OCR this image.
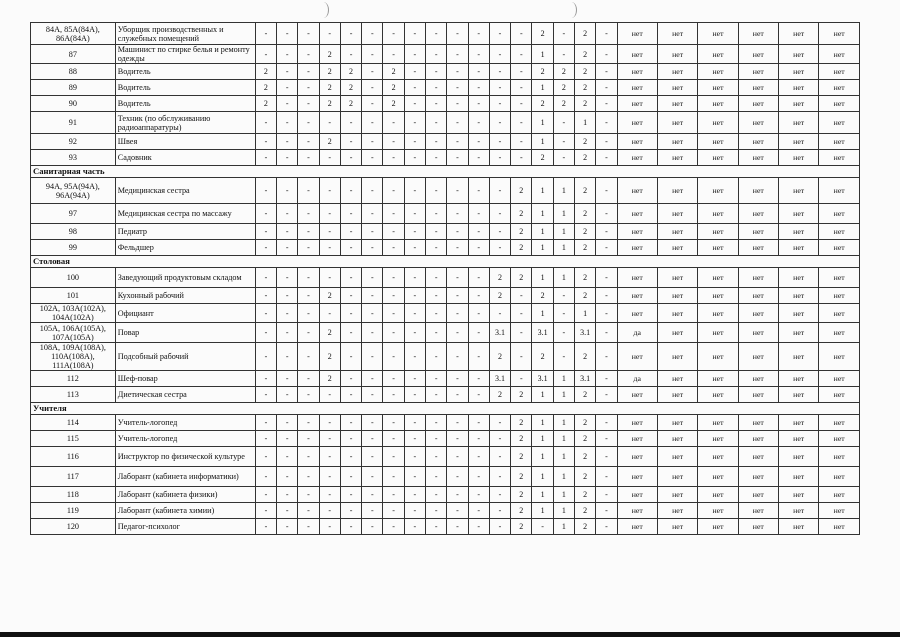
84А, 85А(84А), 86А(84А)	Уборщик производственных и служебных помещений	-	-	-	-	-	-	-	-	-	-	-	-	-	2	-	2	-	нет	нет	нет	нет	нет	нет
87	Машинист по стирке белья и ремонту одежды	-	-	-	2	-	-	-	-	-	-	-	-	-	1	-	2	-	нет	нет	нет	нет	нет	нет
88	Водитель	2	-	-	2	2	-	2	-	-	-	-	-	-	2	2	2	-	нет	нет	нет	нет	нет	нет
89	Водитель	2	-	-	2	2	-	2	-	-	-	-	-	-	1	2	2	-	нет	нет	нет	нет	нет	нет
90	Водитель	2	-	-	2	2	-	2	-	-	-	-	-	-	2	2	2	-	нет	нет	нет	нет	нет	нет
91	Техник (по обслуживанию радиоаппаратуры)	-	-	-	-	-	-	-	-	-	-	-	-	-	1	-	1	-	нет	нет	нет	нет	нет	нет
92	Швея	-	-	-	2	-	-	-	-	-	-	-	-	-	1	-	2	-	нет	нет	нет	нет	нет	нет
93	Садовник	-	-	-	-	-	-	-	-	-	-	-	-	-	2	-	2	-	нет	нет	нет	нет	нет	нет
Санитарная часть																								
94А, 95А(94А), 96А(94А)	Медицинская сестра	-	-	-	-	-	-	-	-	-	-	-	-	2	1	1	2	-	нет	нет	нет	нет	нет	нет
97	Медицинская сестра по массажу	-	-	-	-	-	-	-	-	-	-	-	-	2	1	1	2	-	нет	нет	нет	нет	нет	нет
98	Педиатр	-	-	-	-	-	-	-	-	-	-	-	-	2	1	1	2	-	нет	нет	нет	нет	нет	нет
99	Фельдшер	-	-	-	-	-	-	-	-	-	-	-	-	2	1	1	2	-	нет	нет	нет	нет	нет	нет
Столовая																								
100	Заведующий продуктовым складом	-	-	-	-	-	-	-	-	-	-	-	2	2	1	1	2	-	нет	нет	нет	нет	нет	нет
101	Кухонный рабочий	-	-	-	2	-	-	-	-	-	-	-	2	-	2	-	2	-	нет	нет	нет	нет	нет	нет
102А, 103А(102А), 104А(102А)	Официант	-	-	-	-	-	-	-	-	-	-	-	-	-	1	-	1	-	нет	нет	нет	нет	нет	нет
105А, 106А(105А), 107А(105А)	Повар	-	-	-	2	-	-	-	-	-	-	-	3.1	-	3.1	-	3.1	-	да	нет	нет	нет	нет	нет
108А, 109А(108А), 110А(108А), 111А(108А)	Подсобный рабочий	-	-	-	2	-	-	-	-	-	-	-	2	-	2	-	2	-	нет	нет	нет	нет	нет	нет
112	Шеф-повар	-	-	-	2	-	-	-	-	-	-	-	3.1	-	3.1	1	3.1	-	да	нет	нет	нет	нет	нет
113	Диетическая сестра	-	-	-	-	-	-	-	-	-	-	-	2	2	1	1	2	-	нет	нет	нет	нет	нет	нет
Учителя																								
114	Учитель-логопед	-	-	-	-	-	-	-	-	-	-	-	-	2	1	1	2	-	нет	нет	нет	нет	нет	нет
115	Учитель-логопед	-	-	-	-	-	-	-	-	-	-	-	-	2	1	1	2	-	нет	нет	нет	нет	нет	нет
116	Инструктор по физической культуре	-	-	-	-	-	-	-	-	-	-	-	-	2	1	1	2	-	нет	нет	нет	нет	нет	нет
117	Лаборант (кабинета информатики)	-	-	-	-	-	-	-	-	-	-	-	-	2	1	1	2	-	нет	нет	нет	нет	нет	нет
118	Лаборант (кабинета физики)	-	-	-	-	-	-	-	-	-	-	-	-	2	1	1	2	-	нет	нет	нет	нет	нет	нет
119	Лаборант (кабинета химии)	-	-	-	-	-	-	-	-	-	-	-	-	2	1	1	2	-	нет	нет	нет	нет	нет	нет
120	Педагог-психолог	-	-	-	-	-	-	-	-	-	-	-	-	2	-	1	2	-	нет	нет	нет	нет	нет	нет
